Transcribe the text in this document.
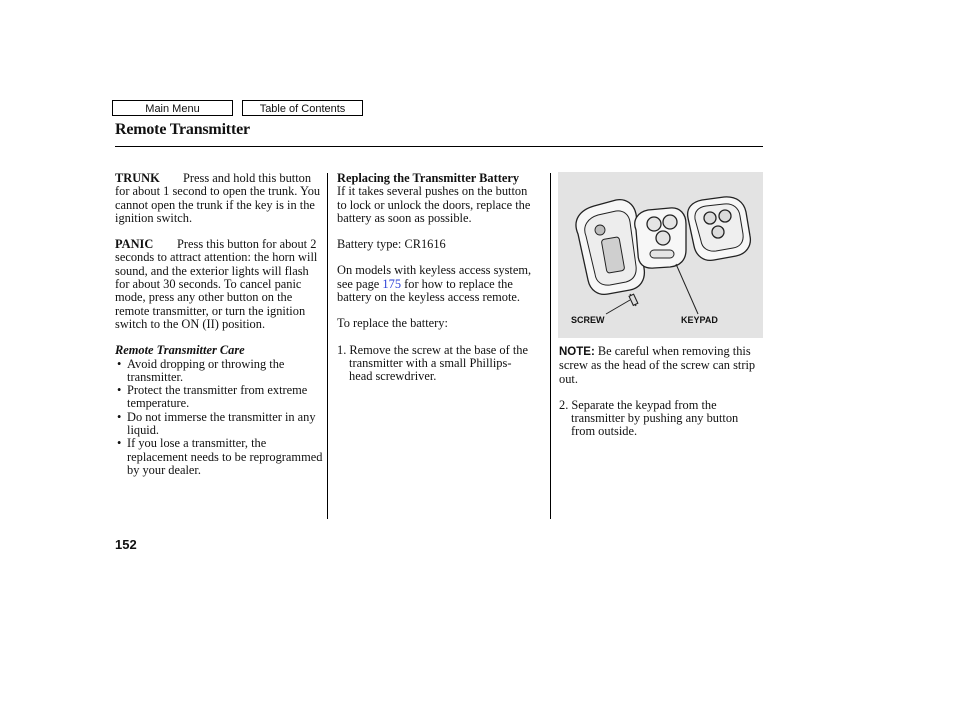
Main Menu	Table of Contents
Remote Transmitter

TRUNK Press and hold this button for about 1 second to open the trunk. You cannot open the trunk if the key is in the ignition switch.

PANIC Press this button for about 2 seconds to attract attention: the horn will sound, and the exterior lights will flash for about 30 seconds. To cancel panic mode, press any other button on the remote transmitter, or turn the ignition switch to the ON (II) position.

Remote Transmitter Care

• Avoid dropping or throwing the transmitter.
• Protect the transmitter from extreme temperature.
• Do not immerse the transmitter in any liquid.
• If you lose a transmitter, the replacement needs to be reprogrammed by your dealer.

Replacing the Transmitter Battery

If it takes several pushes on the button to lock or unlock the doors, replace the battery as soon as possible.

Battery type: CR1616

On models with keyless access system, see page 175 for how to replace the battery on the keyless access remote.

To replace the battery:

1. Remove the screw at the base of the transmitter with a small Phillips-head screwdriver.

SCREW	KEYPAD

NOTE: Be careful when removing this screw as the head of the screw can strip out.

2. Separate the keypad from the transmitter by pushing any button from outside.

152
